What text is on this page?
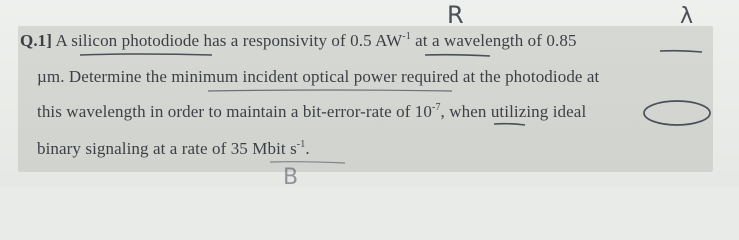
Q.1] A silicon photodiode has a responsivity of 0.5 $AW^{-1}$ at a wavelength of 0.85
µm. Determine the minimum incident optical power required at the photodiode at
this wavelength in order to maintain a bit-error-rate of $10^{-7}$, when utilizing ideal
binary signaling at a rate of 35 Mbit $s^{-1}$.
R	λ
B
